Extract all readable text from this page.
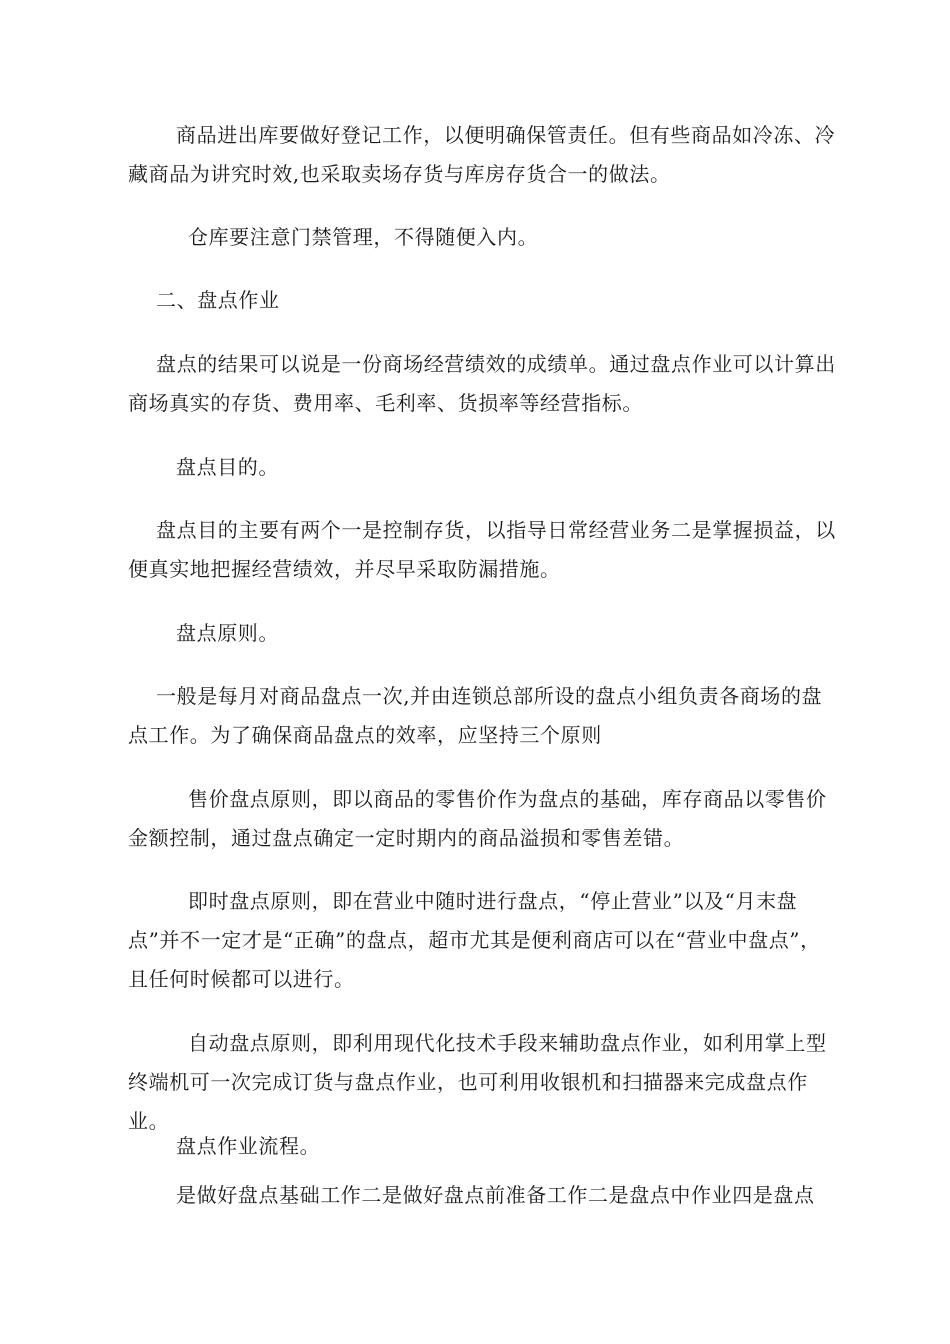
商品进出库要做好登记工作，以便明确保管责任。但有些商品如冷冻、冷藏商品为讲究时效,也采取卖场存货与库房存货合一的做法。

仓库要注意门禁管理，不得随便入内。

二、盘点作业

盘点的结果可以说是一份商场经营绩效的成绩单。通过盘点作业可以计算出商场真实的存货、费用率、毛利率、货损率等经营指标。

盘点目的。

盘点目的主要有两个一是控制存货，以指导日常经营业务二是掌握损益，以便真实地把握经营绩效，并尽早采取防漏措施。

盘点原则。

一般是每月对商品盘点一次,并由连锁总部所设的盘点小组负责各商场的盘点工作。为了确保商品盘点的效率，应坚持三个原则

售价盘点原则，即以商品的零售价作为盘点的基础，库存商品以零售价金额控制，通过盘点确定一定时期内的商品溢损和零售差错。

即时盘点原则，即在营业中随时进行盘点，“停止营业”以及“月末盘点”并不一定才是“正确”的盘点，超市尤其是便利商店可以在“营业中盘点”，且任何时候都可以进行。

自动盘点原则，即利用现代化技术手段来辅助盘点作业，如利用掌上型终端机可一次完成订货与盘点作业，也可利用收银机和扫描器来完成盘点作业。

盘点作业流程。

是做好盘点基础工作二是做好盘点前准备工作二是盘点中作业四是盘点
